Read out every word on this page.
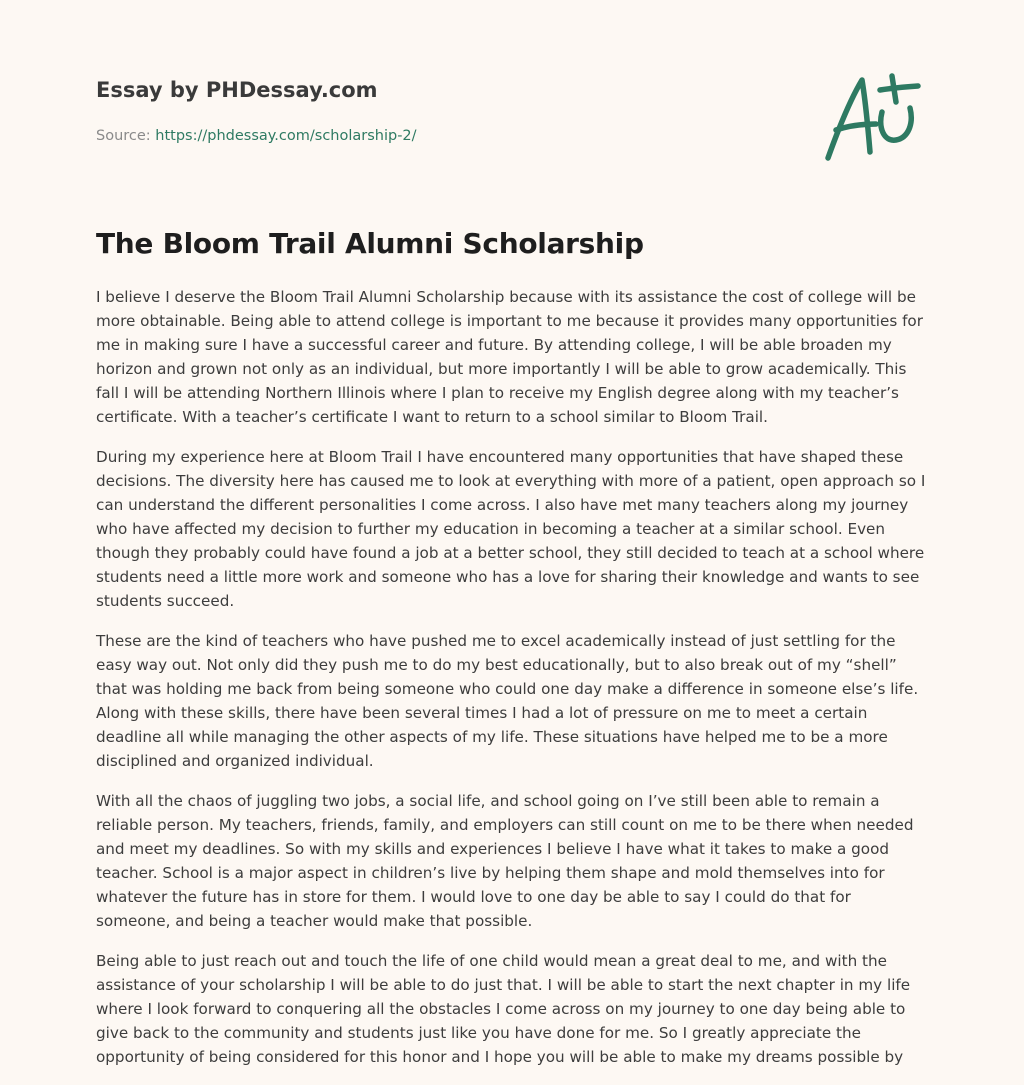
Essay by PHDessay.com
Source: https://phdessay.com/scholarship-2/
The Bloom Trail Alumni Scholarship

I believe I deserve the Bloom Trail Alumni Scholarship because with its assistance the cost of college will be more obtainable. Being able to attend college is important to me because it provides many opportunities for me in making sure I have a successful career and future. By attending college, I will be able broaden my horizon and grown not only as an individual, but more importantly I will be able to grow academically. This fall I will be attending Northern Illinois where I plan to receive my English degree along with my teacher’s certificate. With a teacher’s certificate I want to return to a school similar to Bloom Trail.

During my experience here at Bloom Trail I have encountered many opportunities that have shaped these decisions. The diversity here has caused me to look at everything with more of a patient, open approach so I can understand the different personalities I come across. I also have met many teachers along my journey who have affected my decision to further my education in becoming a teacher at a similar school. Even though they probably could have found a job at a better school, they still decided to teach at a school where students need a little more work and someone who has a love for sharing their knowledge and wants to see students succeed.

These are the kind of teachers who have pushed me to excel academically instead of just settling for the easy way out. Not only did they push me to do my best educationally, but to also break out of my “shell” that was holding me back from being someone who could one day make a difference in someone else’s life. Along with these skills, there have been several times I had a lot of pressure on me to meet a certain deadline all while managing the other aspects of my life. These situations have helped me to be a more disciplined and organized individual.

With all the chaos of juggling two jobs, a social life, and school going on I’ve still been able to remain a reliable person. My teachers, friends, family, and employers can still count on me to be there when needed and meet my deadlines. So with my skills and experiences I believe I have what it takes to make a good teacher. School is a major aspect in children’s live by helping them shape and mold themselves into for whatever the future has in store for them. I would love to one day be able to say I could do that for someone, and being a teacher would make that possible.

Being able to just reach out and touch the life of one child would mean a great deal to me, and with the assistance of your scholarship I will be able to do just that. I will be able to start the next chapter in my life where I look forward to conquering all the obstacles I come across on my journey to one day being able to give back to the community and students just like you have done for me. So I greatly appreciate the opportunity of being considered for this honor and I hope you will be able to make my dreams possible by
